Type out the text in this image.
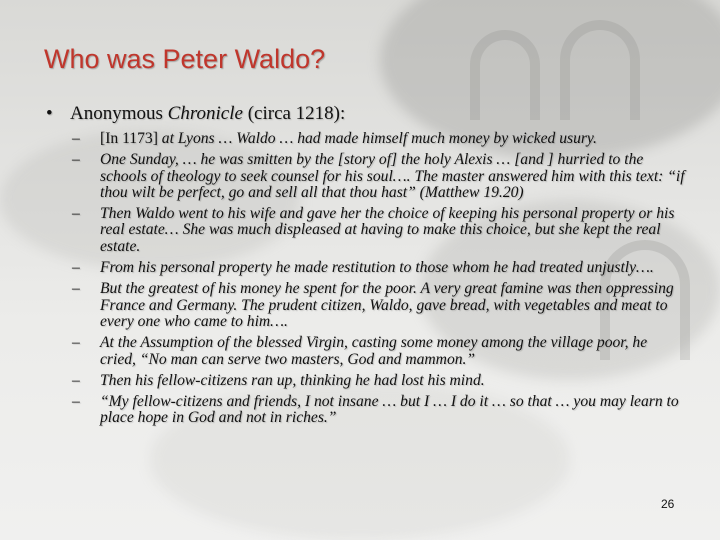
Who was Peter Waldo?
• Anonymous Chronicle (circa 1218):
– [In 1173] at Lyons … Waldo … had made himself much money by wicked usury.
– One Sunday, … he was smitten by the [story of] the holy Alexis … [and ] hurried to the schools of theology to seek counsel for his soul…. The master answered him with this text: “if thou wilt be perfect, go and sell all that thou hast” (Matthew 19.20)
– Then Waldo went to his wife and gave her the choice of keeping his personal property or his real estate… She was much displeased at having to make this choice, but she kept the real estate.
– From his personal property he made restitution to those whom he had treated unjustly….
– But the greatest of his money he spent for the poor. A very great famine was then oppressing France and Germany. The prudent citizen, Waldo, gave bread, with vegetables and meat to every one who came to him….
– At the Assumption of the blessed Virgin, casting some money among the village poor, he cried, “No man can serve two masters, God and mammon.”
– Then his fellow-citizens ran up, thinking he had lost his mind.
– “My fellow-citizens and friends, I not insane … but I … I do it … so that … you may learn to place hope in God and not in riches.”
26
